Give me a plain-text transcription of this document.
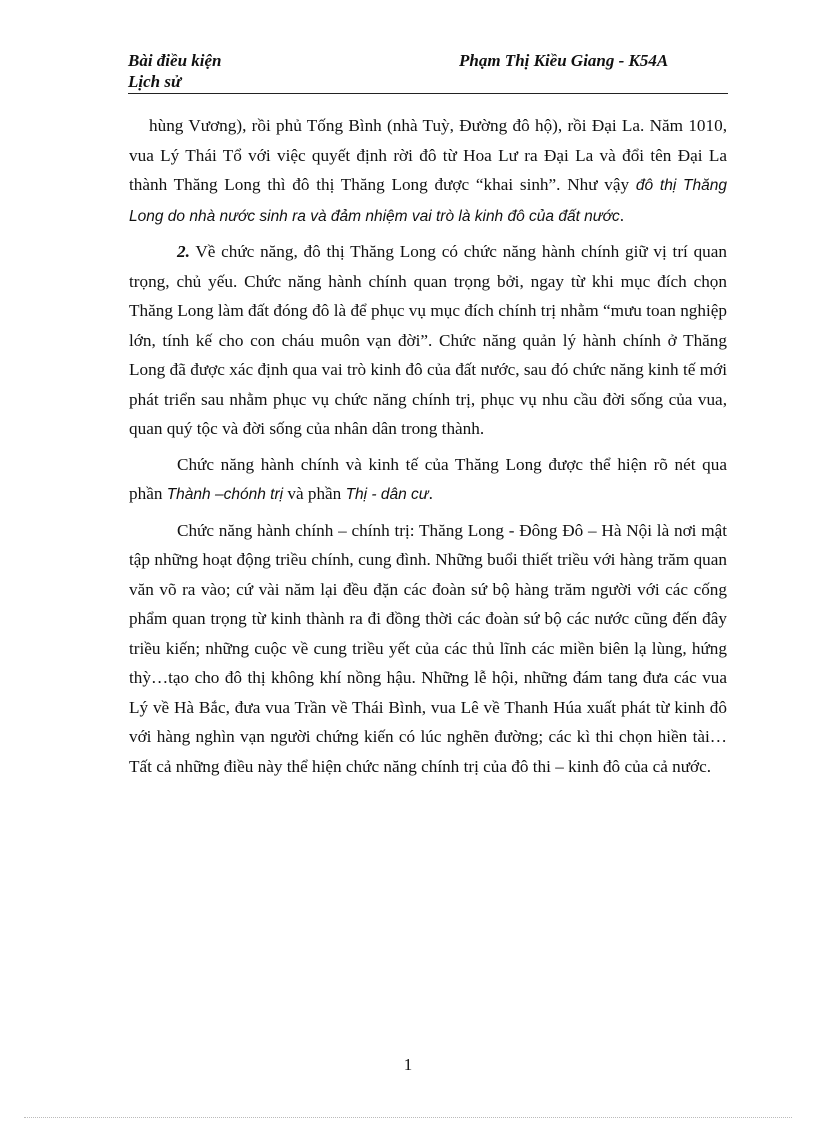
Bài điều kiện
Lịch sử
Phạm Thị Kiều Giang - K54A

hùng Vương), rồi phủ Tống Bình (nhà Tuỳ, Đường đô hộ), rồi Đại La. Năm 1010, vua Lý Thái Tổ với việc quyết định rời đô từ Hoa Lư ra Đại La và đổi tên Đại La thành Thăng Long thì đô thị Thăng Long được “khai sinh”. Như vậy đô thị Thăng Long do nhà nước sinh ra và đảm nhiệm vai trò là kinh đô của đất nước.

2. Về chức năng, đô thị Thăng Long có chức năng hành chính giữ vị trí quan trọng, chủ yếu. Chức năng hành chính quan trọng bởi, ngay từ khi mục đích chọn Thăng Long làm đất đóng đô là để phục vụ mục đích chính trị nhằm “mưu toan nghiệp lớn, tính kế cho con cháu muôn vạn đời”. Chức năng quản lý hành chính ở Thăng Long đã được xác định qua vai trò kinh đô của đất nước, sau đó chức năng kinh tế mới phát triển sau nhằm phục vụ chức năng chính trị, phục vụ nhu cầu đời sống của vua, quan quý tộc và đời sống của nhân dân trong thành.

Chức năng hành chính và kinh tế của Thăng Long được thể hiện rõ nét qua phần Thành –chónh trị và phần Thị - dân cư.

Chức năng hành chính – chính trị: Thăng Long - Đông Đô – Hà Nội là nơi mật tập những hoạt động triều chính, cung đình. Những buổi thiết triều với hàng trăm quan văn võ ra vào; cứ vài năm lại đều đặn các đoàn sứ bộ hàng trăm người với các cống phẩm quan trọng từ kinh thành ra đi đồng thời các đoàn sứ bộ các nước cũng đến đây triều kiến; những cuộc về cung triều yết của các thủ lĩnh các miền biên lạ lùng, hứng thỳ…tạo cho đô thị không khí nồng hậu. Những lễ hội, những đám tang đưa các vua Lý về Hà Bắc, đưa vua Trần về Thái Bình, vua Lê về Thanh Húa xuất phát từ kinh đô với hàng nghìn vạn người chứng kiến có lúc nghẽn đường; các kì thi chọn hiền tài… Tất cả những điều này thể hiện chức năng chính trị của đô thi – kinh đô của cả nước.

1
